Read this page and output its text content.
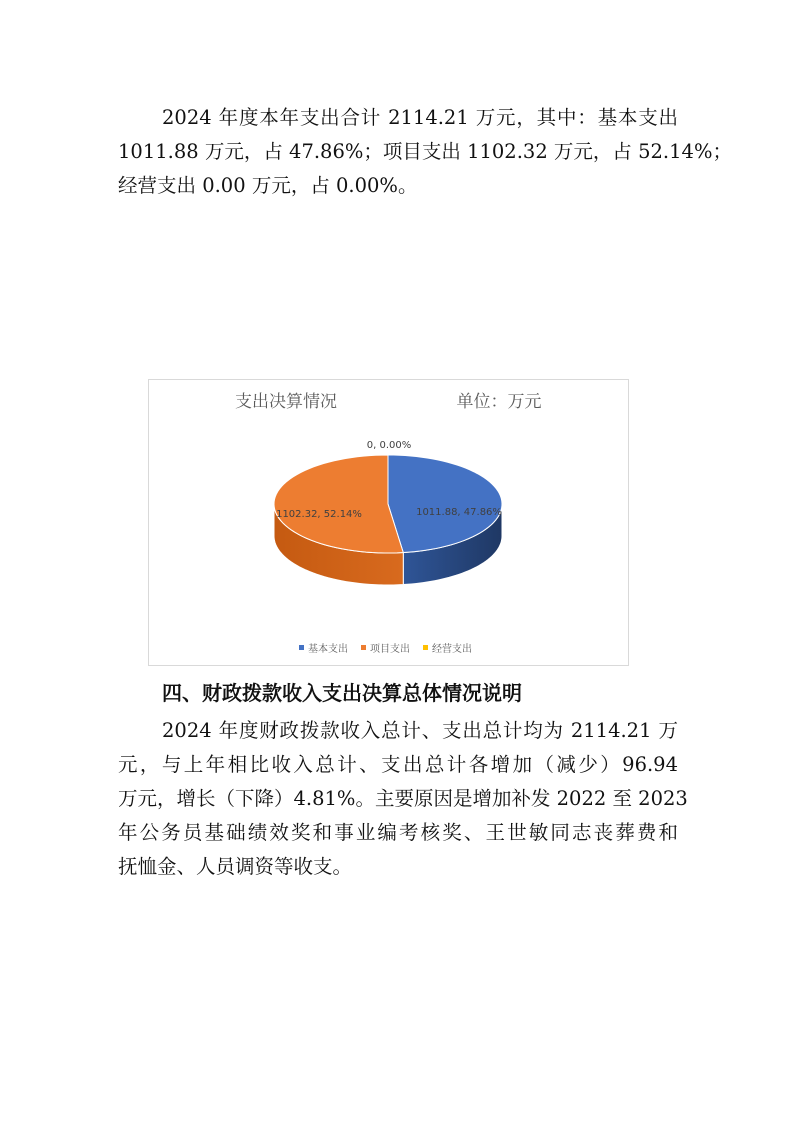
2024 年度本年支出合计 2114.21 万元，其中：基本支出
1011.88 万元，占 47.86%；项目支出 1102.32 万元，占 52.14%；
经营支出 0.00 万元，占 0.00%。
支出决算情况	单位：万元
1011.88, 47.86%
1102.32, 52.14%
0, 0.00%
基本支出 项目支出 经营支出
四、财政拨款收入支出决算总体情况说明
2024 年度财政拨款收入总计、支出总计均为 2114.21 万
元，与上年相比收入总计、支出总计各增加（减少）96.94
万元，增长（下降）4.81%。主要原因是增加补发 2022 至 2023
年公务员基础绩效奖和事业编考核奖、王世敏同志丧葬费和
抚恤金、人员调资等收支。
